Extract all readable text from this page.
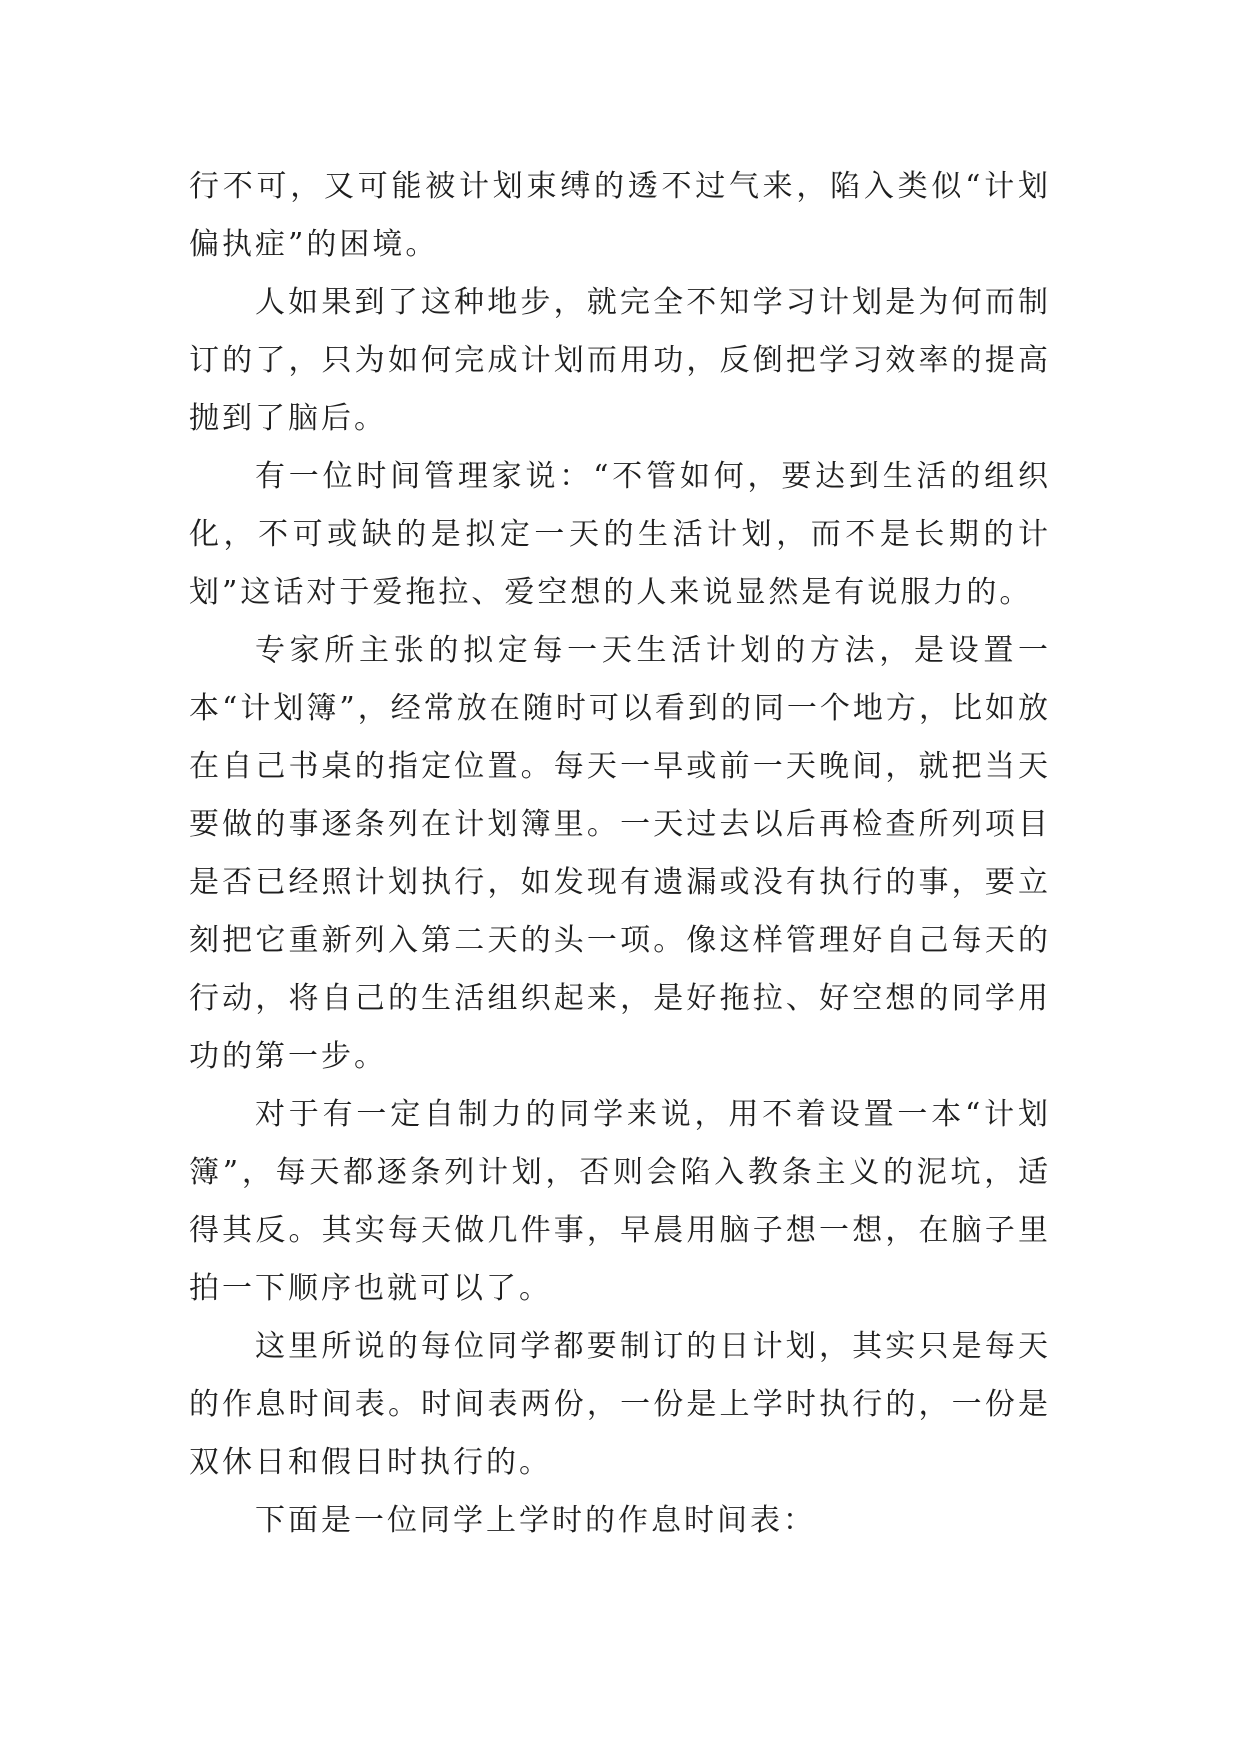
行不可，又可能被计划束缚的透不过气来，陷入类似“计划偏执症”的困境。

人如果到了这种地步，就完全不知学习计划是为何而制订的了，只为如何完成计划而用功，反倒把学习效率的提高抛到了脑后。

有一位时间管理家说：“不管如何，要达到生活的组织化，不可或缺的是拟定一天的生活计划，而不是长期的计划”这话对于爱拖拉、爱空想的人来说显然是有说服力的。

专家所主张的拟定每一天生活计划的方法，是设置一本“计划簿”，经常放在随时可以看到的同一个地方，比如放在自己书桌的指定位置。每天一早或前一天晚间，就把当天要做的事逐条列在计划簿里。一天过去以后再检查所列项目是否已经照计划执行，如发现有遗漏或没有执行的事，要立刻把它重新列入第二天的头一项。像这样管理好自己每天的行动，将自己的生活组织起来，是好拖拉、好空想的同学用功的第一步。

对于有一定自制力的同学来说，用不着设置一本“计划簿”，每天都逐条列计划，否则会陷入教条主义的泥坑，适得其反。其实每天做几件事，早晨用脑子想一想，在脑子里拍一下顺序也就可以了。

这里所说的每位同学都要制订的日计划，其实只是每天的作息时间表。时间表两份，一份是上学时执行的，一份是双休日和假日时执行的。

下面是一位同学上学时的作息时间表：
